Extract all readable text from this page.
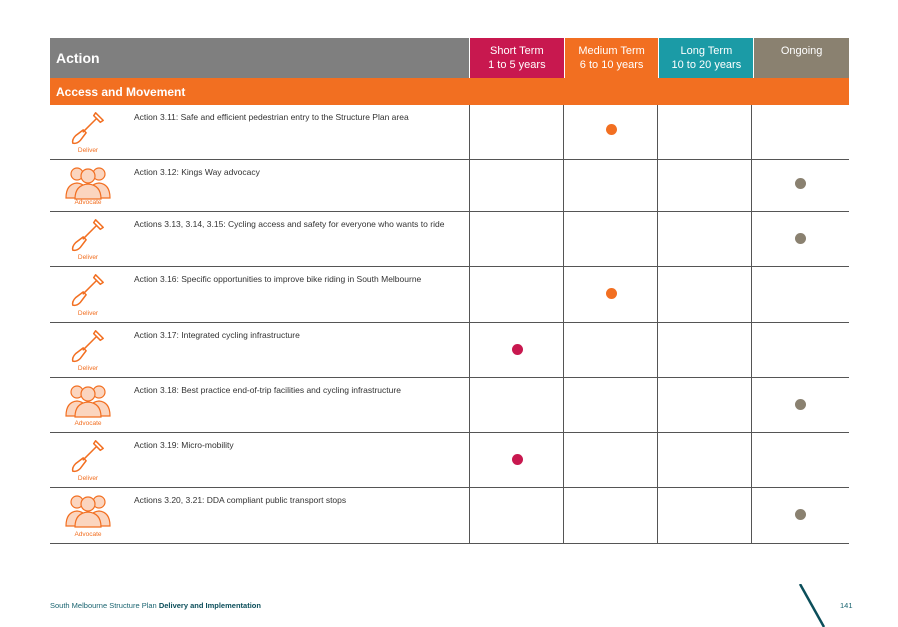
Action	Short Term
1 to 5 years
Medium Term
6 to 10 years
Long Term
10 to 20 years
Ongoing
Access and Movement
Deliver
Action 3.11: Safe and efficient pedestrian entry to the Structure Plan area
Advocate
Action 3.12: Kings Way advocacy
Deliver
Actions 3.13, 3.14, 3.15: Cycling access and safety for everyone who wants to ride
Deliver
Action 3.16: Specific opportunities to improve bike riding in South Melbourne
Deliver
Action 3.17: Integrated cycling infrastructure
Advocate
Action 3.18: Best practice end-of-trip facilities and cycling infrastructure
Deliver
Action 3.19: Micro-mobility
Advocate
Actions 3.20, 3.21: DDA compliant public transport stops
South Melbourne Structure Plan Delivery and Implementation	141
